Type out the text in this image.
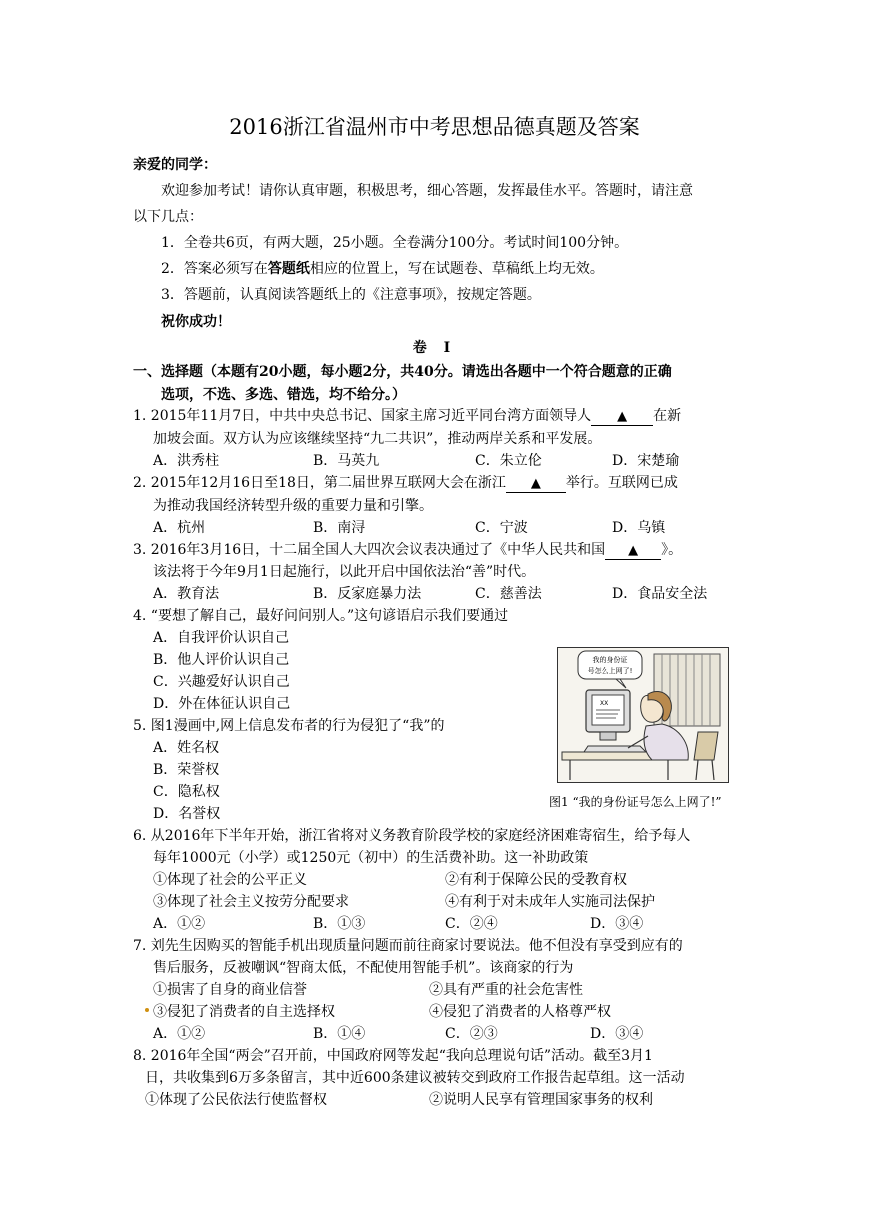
2016浙江省温州市中考思想品德真题及答案
亲爱的同学：
欢迎参加考试！请你认真审题，积极思考，细心答题，发挥最佳水平。答题时，请注意
以下几点：
1．全卷共6页，有两大题，25小题。全卷满分100分。考试时间100分钟。
2．答案必须写在答题纸相应的位置上，写在试题卷、草稿纸上均无效。
3．答题前，认真阅读答题纸上的《注意事项》，按规定答题。
祝你成功！
卷 Ⅰ
一、选择题（本题有20小题，每小题2分，共40分。请选出各题中一个符合题意的正确
选项，不选、多选、错选，均不给分。）
1. 2015年11月7日，中共中央总书记、国家主席习近平同台湾方面领导人 ▲ 在新
加坡会面。双方认为应该继续坚持“九二共识”，推动两岸关系和平发展。
A．洪秀柱	B．马英九	C．朱立伦	D．宋楚瑜
2. 2015年12月16日至18日，第二届世界互联网大会在浙江 ▲ 举行。互联网已成
为推动我国经济转型升级的重要力量和引擎。
A．杭州	B．南浔	C．宁波	D．乌镇
3. 2016年3月16日，十二届全国人大四次会议表决通过了《中华人民共和国 ▲ 》。
该法将于今年9月1日起施行，以此开启中国依法治“善”时代。
A．教育法	B．反家庭暴力法	C．慈善法	D．食品安全法
4. “要想了解自己，最好问问别人。”这句谚语启示我们要通过
A．自我评价认识自己
B．他人评价认识自己
C．兴趣爱好认识自己
D．外在体征认识自己
5. 图1漫画中,网上信息发布者的行为侵犯了“我”的
A．姓名权
B．荣誉权
C．隐私权
D．名誉权
我的身份证
号怎么上网了!
XX
图1 “我的身份证号怎么上网了!”
6. 从2016年下半年开始，浙江省将对义务教育阶段学校的家庭经济困难寄宿生，给予每人
每年1000元（小学）或1250元（初中）的生活费补助。这一补助政策
①体现了社会的公平正义	②有利于保障公民的受教育权
③体现了社会主义按劳分配要求	④有利于对未成年人实施司法保护
A．①②	B．①③	C．②④	D．③④
7. 刘先生因购买的智能手机出现质量问题而前往商家讨要说法。他不但没有享受到应有的
售后服务，反被嘲讽“智商太低，不配使用智能手机”。该商家的行为
①损害了自身的商业信誉	②具有严重的社会危害性
③侵犯了消费者的自主选择权	④侵犯了消费者的人格尊严权
A．①②	B．①④	C．②③	D．③④
8. 2016年全国“两会”召开前，中国政府网等发起“我向总理说句话”活动。截至3月1
日，共收集到6万多条留言，其中近600条建议被转交到政府工作报告起草组。这一活动
①体现了公民依法行使监督权	②说明人民享有管理国家事务的权利
